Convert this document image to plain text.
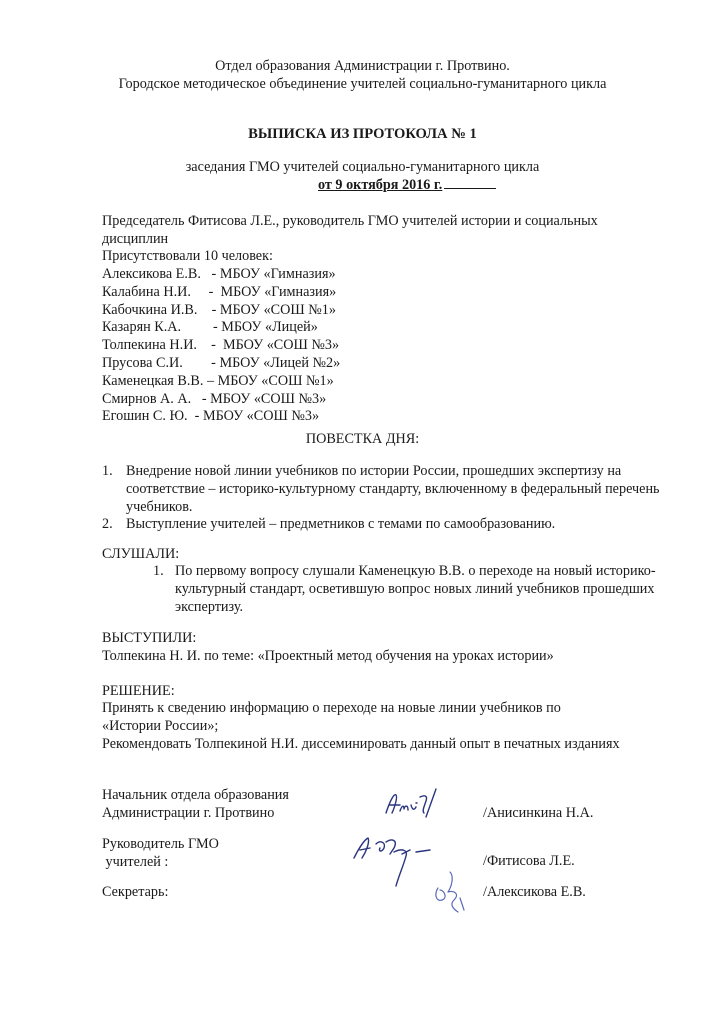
Отдел образования Администрации г. Протвино.
Городское методическое объединение учителей социально-гуманитарного цикла
ВЫПИСКА ИЗ ПРОТОКОЛА № 1
заседания ГМО учителей социально-гуманитарного цикла
от 9 октября 2016 г.
Председатель Фитисова Л.Е., руководитель ГМО учителей истории и социальных дисциплин
Присутствовали 10 человек:
Алексикова Е.В.   - МБОУ «Гимназия»
Калабина Н.И.     -  МБОУ «Гимназия»
Кабочкина И.В.    - МБОУ «СОШ №1»
Казарян К.А.         - МБОУ «Лицей»
Толпекина Н.И.    -  МБОУ «СОШ №3»
Прусова С.И.        - МБОУ «Лицей №2»
Каменецкая В.В. – МБОУ «СОШ №1»
Смирнов А. А.   - МБОУ «СОШ №3»
Егошин С. Ю.  - МБОУ «СОШ №3»
ПОВЕСТКА ДНЯ:
1. Внедрение новой линии учебников по истории России, прошедших экспертизу на соответствие – историко-культурному стандарту, включенному в федеральный перечень учебников.
2. Выступление учителей – предметников с темами по самообразованию.
СЛУШАЛИ:
1. По первому вопросу слушали Каменецкую В.В. о переходе на новый историко-культурный стандарт, осветившую вопрос новых линий учебников прошедших экспертизу.
ВЫСТУПИЛИ:
Толпекина Н. И. по теме: «Проектный метод обучения на уроках истории»
РЕШЕНИЕ:
Принять к сведению информацию о переходе на новые линии учебников по «Истории России»;
Рекомендовать Толпекиной Н.И. диссеминировать данный опыт в печатных изданиях
Начальник отдела образования
Администрации г. Протвино	/Анисинкина Н.А.
Руководитель ГМО
учителей :	/Фитисова Л.Е.
Секретарь:	/Алексикова Е.В.
